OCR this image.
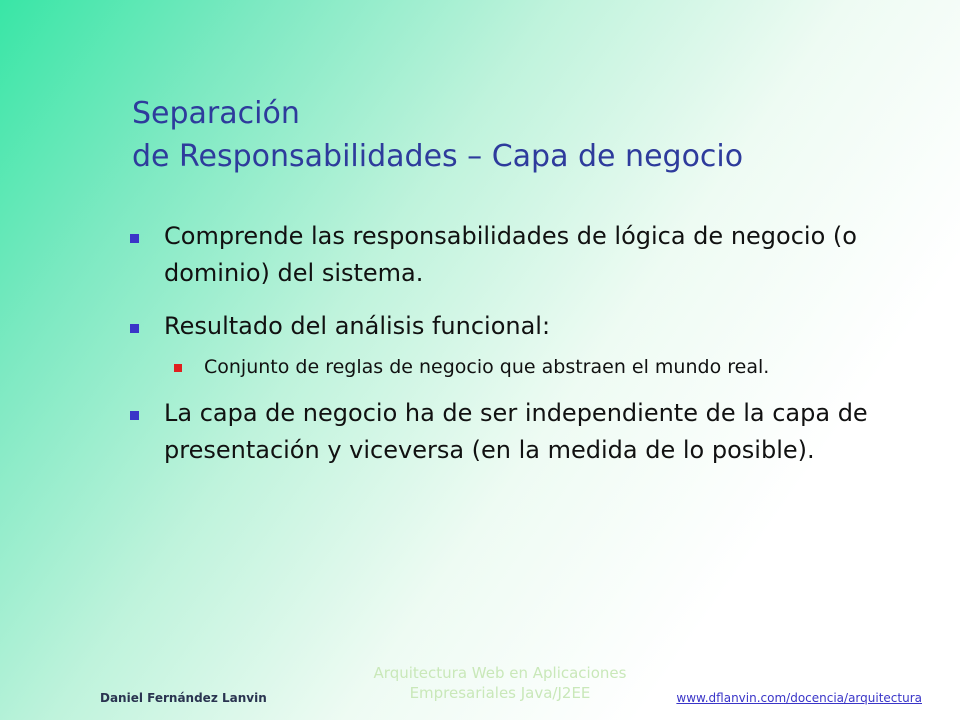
Separación
de Responsabilidades – Capa de negocio
Comprende las responsabilidades de lógica de negocio (o dominio) del sistema.
Resultado del análisis funcional:
Conjunto de reglas de negocio que abstraen el mundo real.
La capa de negocio ha de ser independiente de la capa de presentación y viceversa (en la medida de lo posible).
Daniel Fernández Lanvin
Arquitectura Web en Aplicaciones
Empresariales Java/J2EE	www.dflanvin.com/docencia/arquitectura
